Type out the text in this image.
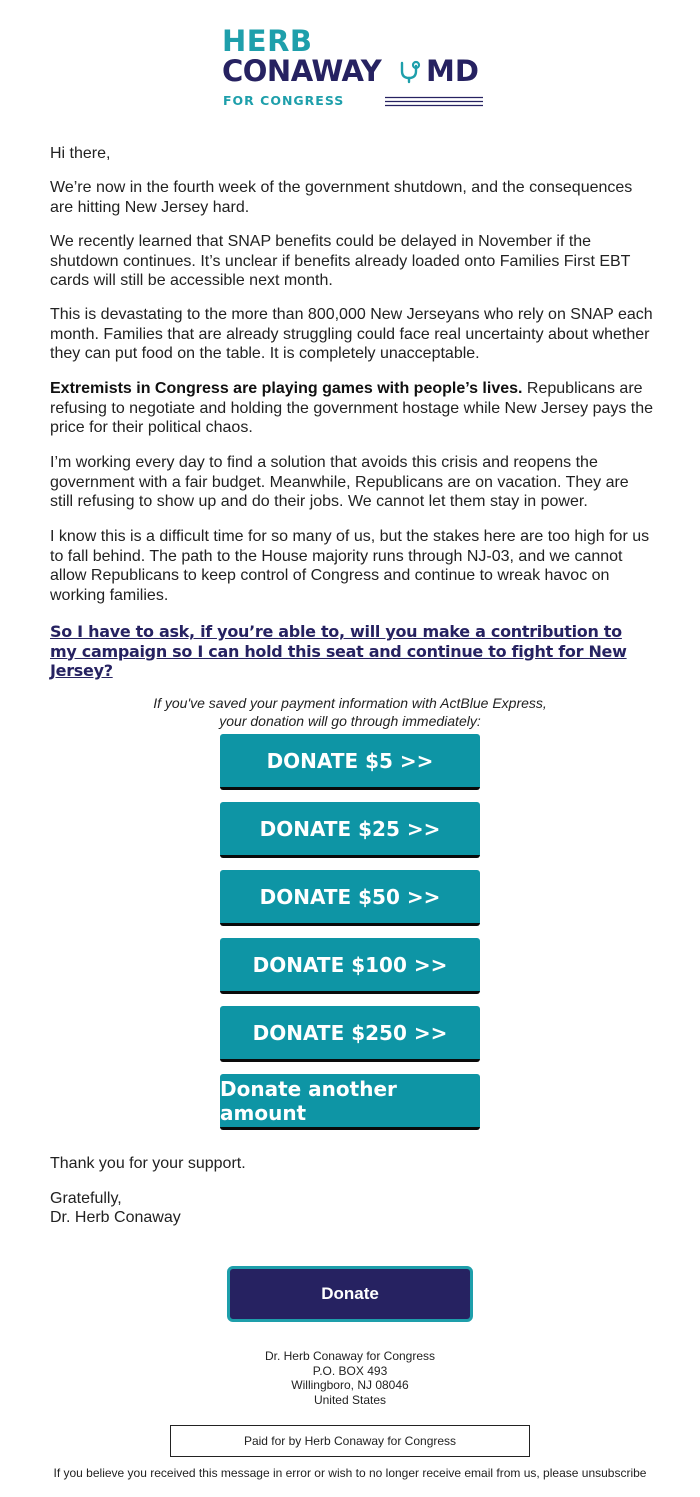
HERB
CONAWAY MD
FOR CONGRESS

Hi there,

We’re now in the fourth week of the government shutdown, and the consequences are hitting New Jersey hard.

We recently learned that SNAP benefits could be delayed in November if the shutdown continues. It’s unclear if benefits already loaded onto Families First EBT cards will still be accessible next month.

This is devastating to the more than 800,000 New Jerseyans who rely on SNAP each month. Families that are already struggling could face real uncertainty about whether they can put food on the table. It is completely unacceptable.

Extremists in Congress are playing games with people’s lives. Republicans are refusing to negotiate and holding the government hostage while New Jersey pays the price for their political chaos.

I’m working every day to find a solution that avoids this crisis and reopens the government with a fair budget. Meanwhile, Republicans are on vacation. They are still refusing to show up and do their jobs. We cannot let them stay in power.

I know this is a difficult time for so many of us, but the stakes here are too high for us to fall behind. The path to the House majority runs through NJ-03, and we cannot allow Republicans to keep control of Congress and continue to wreak havoc on working families.

So I have to ask, if you’re able to, will you make a contribution to my campaign so I can hold this seat and continue to fight for New Jersey?
If you've saved your payment information with ActBlue Express,
your donation will go through immediately:
DONATE $5 >>
DONATE $25 >>
DONATE $50 >>
DONATE $100 >>
DONATE $250 >>
Donate another amount
Thank you for your support.
Gratefully,
Dr. Herb Conaway
Donate
Dr. Herb Conaway for Congress
P.O. BOX 493
Willingboro, NJ 08046
United States
Paid for by Herb Conaway for Congress
If you believe you received this message in error or wish to no longer receive email from us, please unsubscribe
